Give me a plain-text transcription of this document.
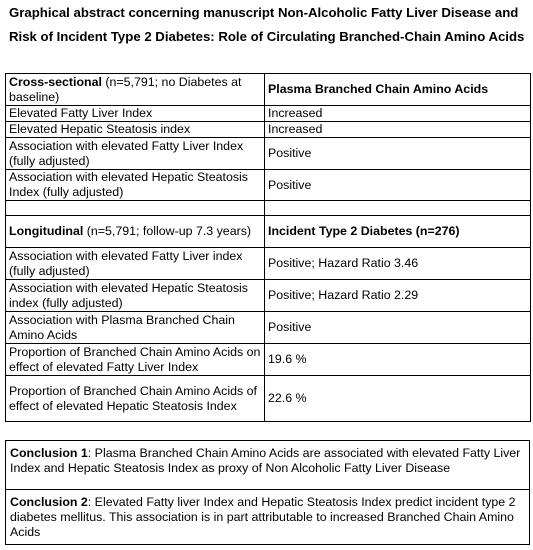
Graphical abstract concerning manuscript Non-Alcoholic Fatty Liver Disease and Risk of Incident Type 2 Diabetes: Role of Circulating Branched-Chain Amino Acids
Cross-sectional (n=5,791; no Diabetes at baseline)	Plasma Branched Chain Amino Acids
Elevated Fatty Liver Index	Increased
Elevated Hepatic Steatosis index	Increased
Association with elevated Fatty Liver Index (fully adjusted)	Positive
Association with elevated Hepatic Steatosis Index (fully adjusted)	Positive

Longitudinal (n=5,791; follow-up 7.3 years)	Incident Type 2 Diabetes (n=276)
Association with elevated Fatty Liver index (fully adjusted)	Positive; Hazard Ratio 3.46
Association with elevated Hepatic Steatosis index (fully adjusted)	Positive; Hazard Ratio 2.29
Association with Plasma Branched Chain Amino Acids	Positive
Proportion of Branched Chain Amino Acids on effect of elevated Fatty Liver Index	19.6 %
Proportion of Branched Chain Amino Acids of effect of elevated Hepatic Steatosis Index	22.6 %
Conclusion 1: Plasma Branched Chain Amino Acids are associated with elevated Fatty Liver Index and Hepatic Steatosis Index as proxy of Non Alcoholic Fatty Liver Disease
Conclusion 2: Elevated Fatty liver Index and Hepatic Steatosis Index predict incident type 2 diabetes mellitus. This association is in part attributable to increased Branched Chain Amino Acids
